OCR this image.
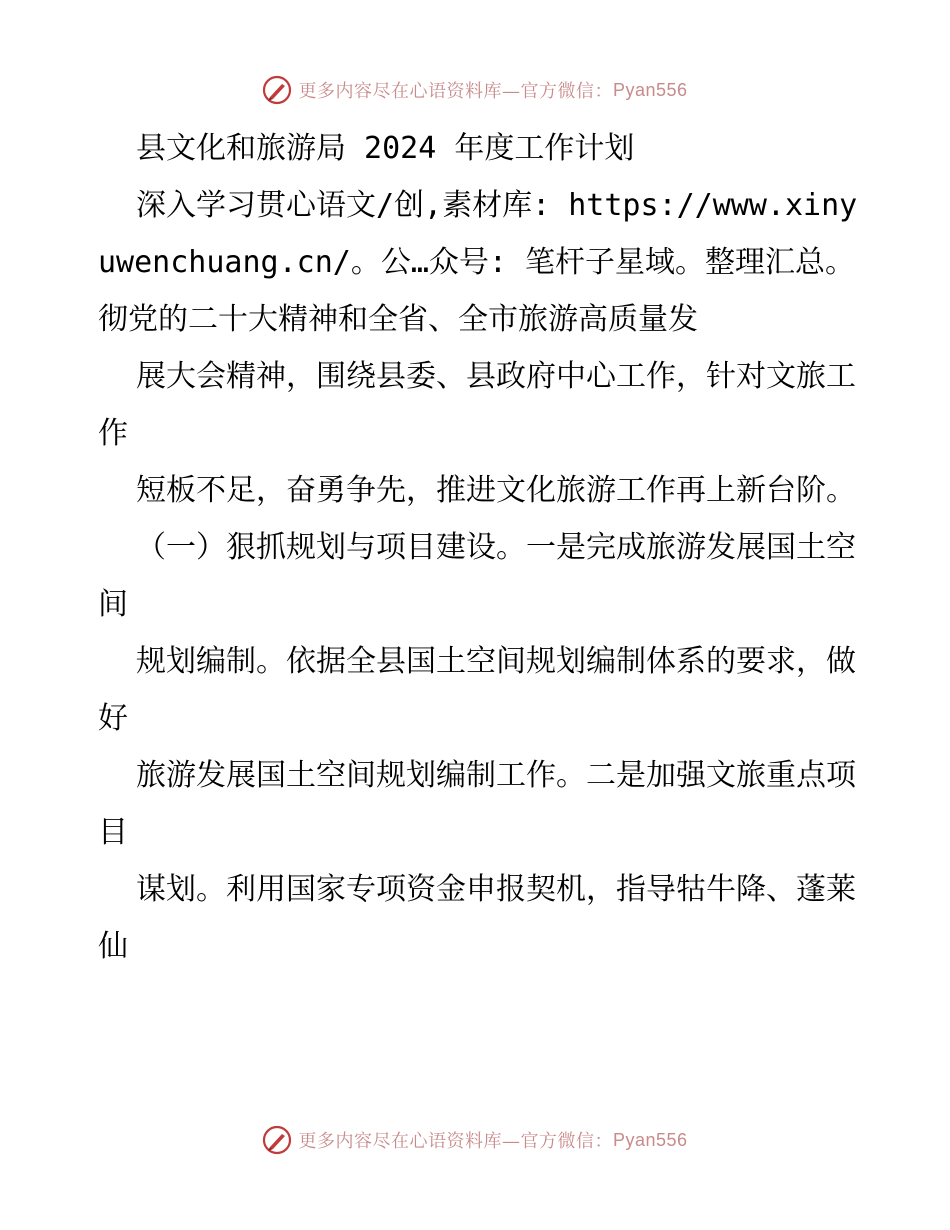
更多内容尽在心语资料库—官方微信： Pyan556

县文化和旅游局 2024 年度工作计划

深入学习贯心语文/创,素材库: https://www.xinyuwenchuang.cn/。公…众号: 笔杆子星域。整理汇总。彻党的二十大精神和全省、全市旅游高质量发

展大会精神，围绕县委、县政府中心工作，针对文旅工作

短板不足，奋勇争先，推进文化旅游工作再上新台阶。

（一）狠抓规划与项目建设。一是完成旅游发展国土空间

规划编制。依据全县国土空间规划编制体系的要求，做好

旅游发展国土空间规划编制工作。二是加强文旅重点项目

谋划。利用国家专项资金申报契机，指导牯牛降、蓬莱仙

更多内容尽在心语资料库—官方微信： Pyan556
